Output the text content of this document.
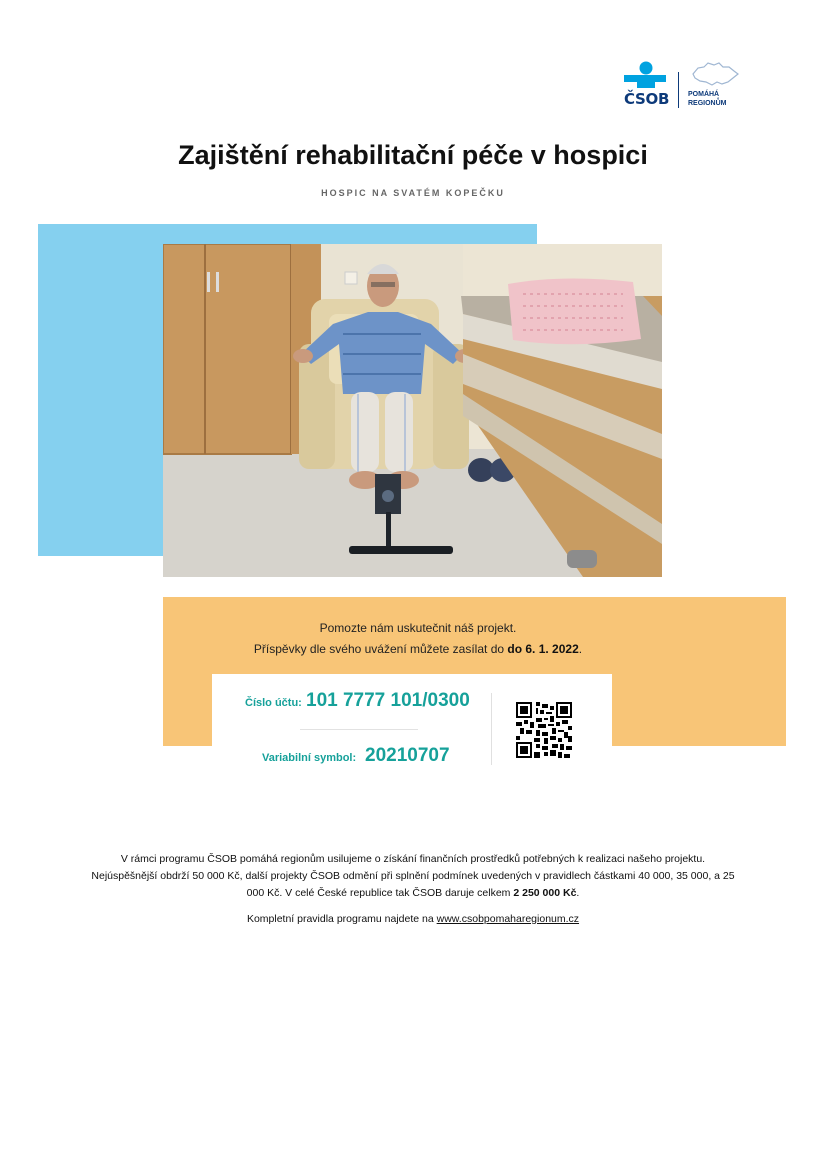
ČSOB	POMÁHÁ
REGIONŮM
Zajištění rehabilitační péče v hospici
HOSPIC NA SVATÉM KOPEČKU
Pomozte nám uskutečnit náš projekt.
Příspěvky dle svého uvážení můžete zasílat do do 6. 1. 2022.
Číslo účtu: 101 7777 101/0300
Variabilní symbol: 20210707
V rámci programu ČSOB pomáhá regionům usilujeme o získání finančních prostředků potřebných k realizaci našeho projektu. Nejúspěšnější obdrží 50 000 Kč, další projekty ČSOB odmění při splnění podmínek uvedených v pravidlech částkami 40 000, 35 000, a 25 000 Kč. V celé České republice tak ČSOB daruje celkem 2 250 000 Kč.
Kompletní pravidla programu najdete na www.csobpomaharegionum.cz
